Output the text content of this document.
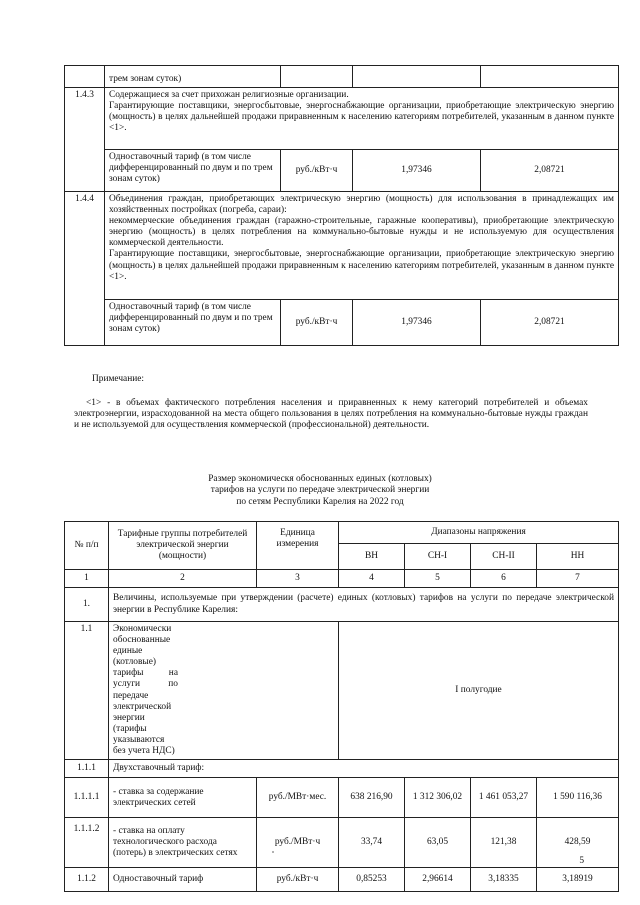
	трем зонам суток)			
1.4.3	Содержащиеся за счет прихожан религиозные организации.

Гарантирующие поставщики, энергосбытовые, энергоснабжающие организации, приобретающие электрическую энергию (мощность) в целях дальнейшей продажи приравненным к населению категориям потребителей, указанным в данном пункте <1>.			

	Одноставочный тариф (в том числе дифференцированный по двум и по трем зонам суток)	руб./кВт·ч	1,97346	2,08721
1.4.4	Объединения граждан, приобретающих электрическую энергию (мощность) для использования в принадлежащих им хозяйственных постройках (погреба, сараи):

некоммерческие объединения граждан (гаражно-строительные, гаражные кооперативы), приобретающие электрическую энергию (мощность) в целях потребления на коммунально-бытовые нужды и не используемую для осуществления коммерческой деятельности.

Гарантирующие поставщики, энергосбытовые, энергоснабжающие организации, приобретающие электрическую энергию (мощность) в целях дальнейшей продажи приравненным к населению категориям потребителей, указанным в данном пункте <1>.			

	Одноставочный тариф (в том числе дифференцированный по двум и по трем зонам суток)	руб./кВт·ч	1,97346	2,08721
Примечание:
<1> - в объемах фактического потребления населения и приравненных к нему категорий потребителей и объемах электроэнергии, израсходованной на места общего пользования в целях потребления на коммунально-бытовые нужды граждан и не используемой для осуществления коммерческой (профессиональной) деятельности.
Размер экономическя обоснованных единых (котловых)
тарифов на услуги по передаче электрической энергии
по сетям Республики Карелия на 2022 год
№ п/п	Тарифные группы потребителей электрической энергии (мощности)	Единица измерения	Диапазоны напряжения			
			ВН	СН-I	СН-II	НН
1	2	3	4	5	6	7
1.	Величины, используемые при утверждении (расчете) единых (котловых) тарифов на услуги по передаче электрической энергии в Республике Карелия:					
1.1	Экономически обоснованные единые (котловые) тарифы на услуги по передаче электрической энергии (тарифы указываются без учета НДС)		I полугодие			
1.1.1	Двухставочный тариф:					
1.1.1.1	- ставка за содержание электрических сетей	руб./МВт·мес.	638 216,90	1 312 306,02	1 461 053,27	1 590 116,36
1.1.1.2	- ставка на оплату технологического расхода (потерь) в электрических сетях	руб./МВт·ч	33,74	63,05	121,38	428,59
1.1.2	Одноставочный тариф	руб./кВт·ч	0,85253	2,96614	3,18335	3,18919
5
